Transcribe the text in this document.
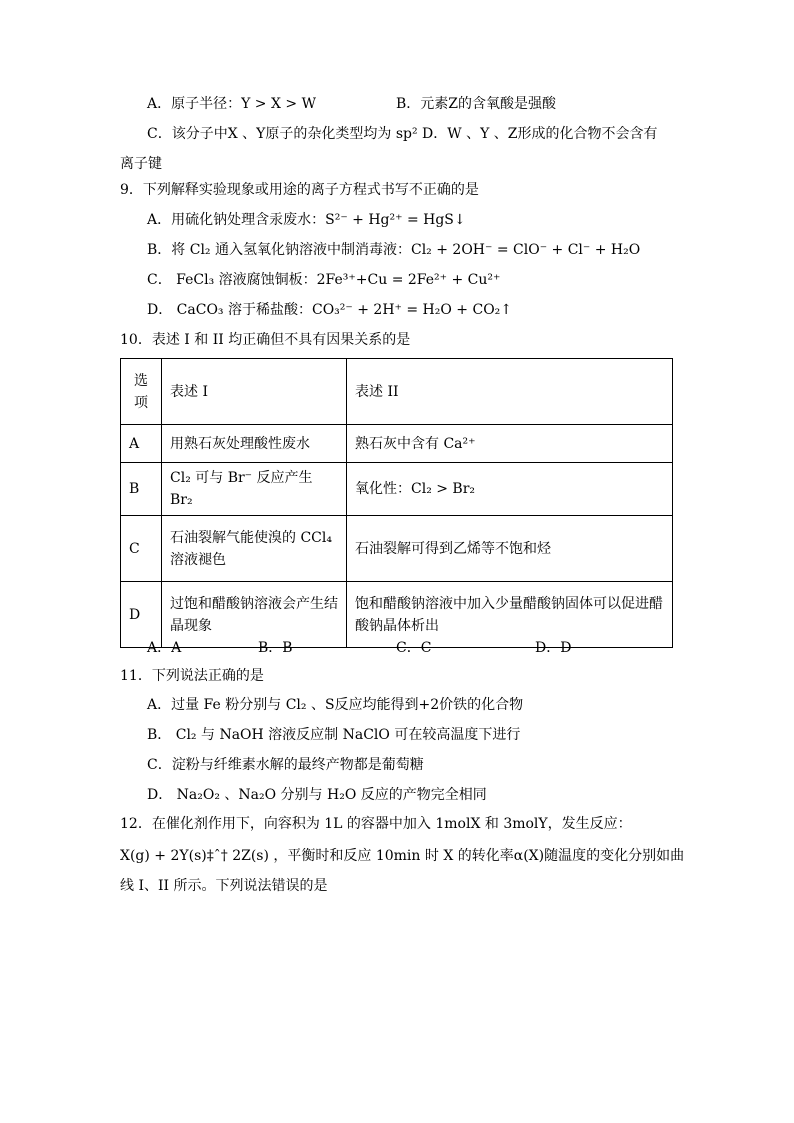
A．原子半径：Y > X > W	B．元素Z的含氧酸是强酸
C．该分子中X 、Y原子的杂化类型均为 sp² D．W 、Y 、Z形成的化合物不会含有
离子键
9．下列解释实验现象或用途的离子方程式书写不正确的是
A．用硫化钠处理含汞废水：S²⁻ + Hg²⁺ = HgS↓
B．将 Cl₂ 通入氢氧化钠溶液中制消毒液：Cl₂ + 2OH⁻ = ClO⁻ + Cl⁻ + H₂O
C． FeCl₃ 溶液腐蚀铜板：2Fe³⁺+Cu = 2Fe²⁺ + Cu²⁺
D． CaCO₃ 溶于稀盐酸：CO₃²⁻ + 2H⁺ = H₂O + CO₂↑
10．表述 I 和 II 均正确但不具有因果关系的是
选项	表述 I	表述 II
A	用熟石灰处理酸性废水	熟石灰中含有 Ca²⁺
B	Cl₂ 可与 Br⁻ 反应产生 Br₂	氧化性：Cl₂ > Br₂
C	石油裂解气能使溴的 CCl₄ 溶液褪色	石油裂解可得到乙烯等不饱和烃
D	过饱和醋酸钠溶液会产生结晶现象	饱和醋酸钠溶液中加入少量醋酸钠固体可以促进醋酸钠晶体析出
A．A	B．B	C．C	D．D
11．下列说法正确的是
A．过量 Fe 粉分别与 Cl₂ 、S反应均能得到+2价铁的化合物
B． Cl₂ 与 NaOH 溶液反应制 NaClO 可在较高温度下进行
C．淀粉与纤维素水解的最终产物都是葡萄糖
D． Na₂O₂ 、Na₂O 分别与 H₂O 反应的产物完全相同
12．在催化剂作用下，向容积为 1L 的容器中加入 1molX 和 3molY，发生反应：
X(g) + 2Y(s)‡ˆ† 2Z(s) ，平衡时和反应 10min 时 X 的转化率α(X)随温度的变化分别如曲
线 I、II 所示。下列说法错误的是
